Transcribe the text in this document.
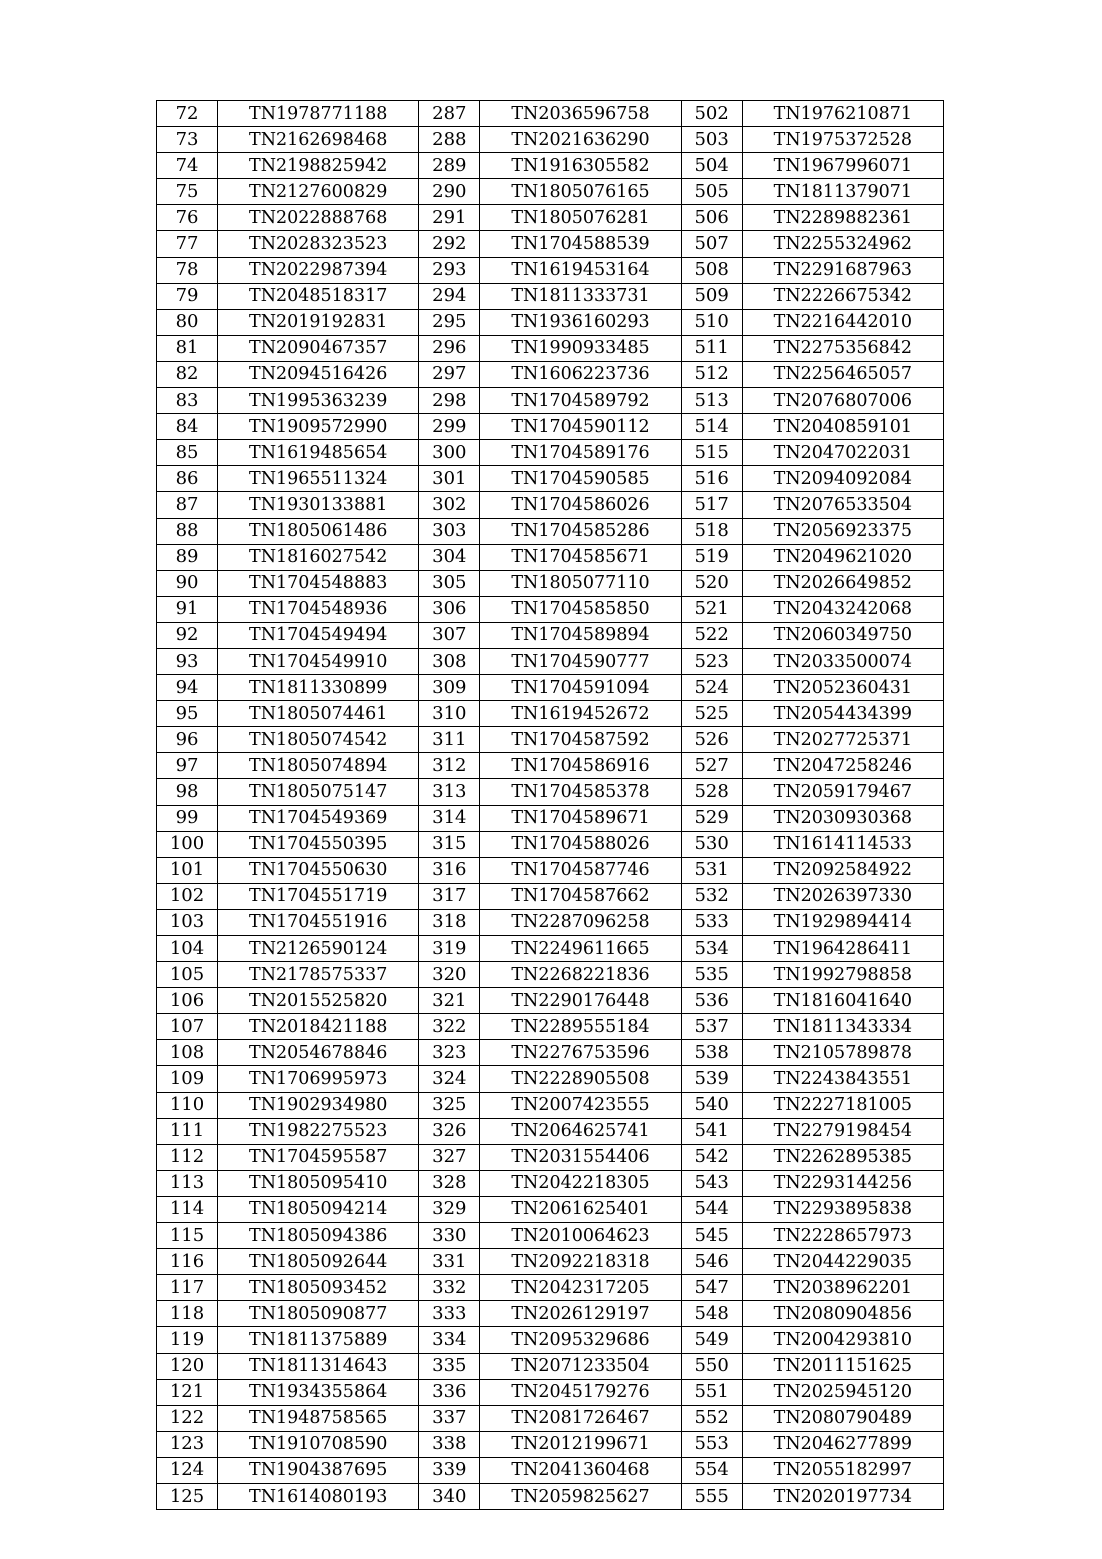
72	TN1978771188	287	TN2036596758	502	TN1976210871
73	TN2162698468	288	TN2021636290	503	TN1975372528
74	TN2198825942	289	TN1916305582	504	TN1967996071
75	TN2127600829	290	TN1805076165	505	TN1811379071
76	TN2022888768	291	TN1805076281	506	TN2289882361
77	TN2028323523	292	TN1704588539	507	TN2255324962
78	TN2022987394	293	TN1619453164	508	TN2291687963
79	TN2048518317	294	TN1811333731	509	TN2226675342
80	TN2019192831	295	TN1936160293	510	TN2216442010
81	TN2090467357	296	TN1990933485	511	TN2275356842
82	TN2094516426	297	TN1606223736	512	TN2256465057
83	TN1995363239	298	TN1704589792	513	TN2076807006
84	TN1909572990	299	TN1704590112	514	TN2040859101
85	TN1619485654	300	TN1704589176	515	TN2047022031
86	TN1965511324	301	TN1704590585	516	TN2094092084
87	TN1930133881	302	TN1704586026	517	TN2076533504
88	TN1805061486	303	TN1704585286	518	TN2056923375
89	TN1816027542	304	TN1704585671	519	TN2049621020
90	TN1704548883	305	TN1805077110	520	TN2026649852
91	TN1704548936	306	TN1704585850	521	TN2043242068
92	TN1704549494	307	TN1704589894	522	TN2060349750
93	TN1704549910	308	TN1704590777	523	TN2033500074
94	TN1811330899	309	TN1704591094	524	TN2052360431
95	TN1805074461	310	TN1619452672	525	TN2054434399
96	TN1805074542	311	TN1704587592	526	TN2027725371
97	TN1805074894	312	TN1704586916	527	TN2047258246
98	TN1805075147	313	TN1704585378	528	TN2059179467
99	TN1704549369	314	TN1704589671	529	TN2030930368
100	TN1704550395	315	TN1704588026	530	TN1614114533
101	TN1704550630	316	TN1704587746	531	TN2092584922
102	TN1704551719	317	TN1704587662	532	TN2026397330
103	TN1704551916	318	TN2287096258	533	TN1929894414
104	TN2126590124	319	TN2249611665	534	TN1964286411
105	TN2178575337	320	TN2268221836	535	TN1992798858
106	TN2015525820	321	TN2290176448	536	TN1816041640
107	TN2018421188	322	TN2289555184	537	TN1811343334
108	TN2054678846	323	TN2276753596	538	TN2105789878
109	TN1706995973	324	TN2228905508	539	TN2243843551
110	TN1902934980	325	TN2007423555	540	TN2227181005
111	TN1982275523	326	TN2064625741	541	TN2279198454
112	TN1704595587	327	TN2031554406	542	TN2262895385
113	TN1805095410	328	TN2042218305	543	TN2293144256
114	TN1805094214	329	TN2061625401	544	TN2293895838
115	TN1805094386	330	TN2010064623	545	TN2228657973
116	TN1805092644	331	TN2092218318	546	TN2044229035
117	TN1805093452	332	TN2042317205	547	TN2038962201
118	TN1805090877	333	TN2026129197	548	TN2080904856
119	TN1811375889	334	TN2095329686	549	TN2004293810
120	TN1811314643	335	TN2071233504	550	TN2011151625
121	TN1934355864	336	TN2045179276	551	TN2025945120
122	TN1948758565	337	TN2081726467	552	TN2080790489
123	TN1910708590	338	TN2012199671	553	TN2046277899
124	TN1904387695	339	TN2041360468	554	TN2055182997
125	TN1614080193	340	TN2059825627	555	TN2020197734
